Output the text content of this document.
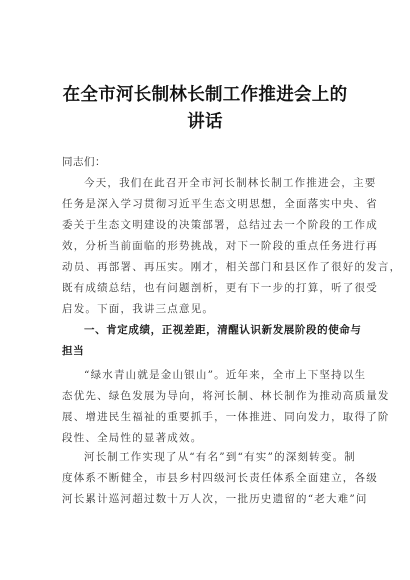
在全市河长制林长制工作推进会上的
讲话
同志们：
今天，我们在此召开全市河长制林长制工作推进会，主要
任务是深入学习贯彻习近平生态文明思想，全面落实中央、省
委关于生态文明建设的决策部署，总结过去一个阶段的工作成
效，分析当前面临的形势挑战，对下一阶段的重点任务进行再
动员、再部署、再压实。刚才，相关部门和县区作了很好的发言，
既有成绩总结，也有问题剖析，更有下一步的打算，听了很受
启发。下面，我讲三点意见。
一、肯定成绩，正视差距，清醒认识新发展阶段的使命与
担当
“绿水青山就是金山银山”。近年来，全市上下坚持以生
态优先、绿色发展为导向，将河长制、林长制作为推动高质量发
展、增进民生福祉的重要抓手，一体推进、同向发力，取得了阶
段性、全局性的显著成效。
河长制工作实现了从“有名”到“有实”的深刻转变。制
度体系不断健全，市县乡村四级河长责任体系全面建立，各级
河长累计巡河超过数十万人次，一批历史遗留的“老大难”问
